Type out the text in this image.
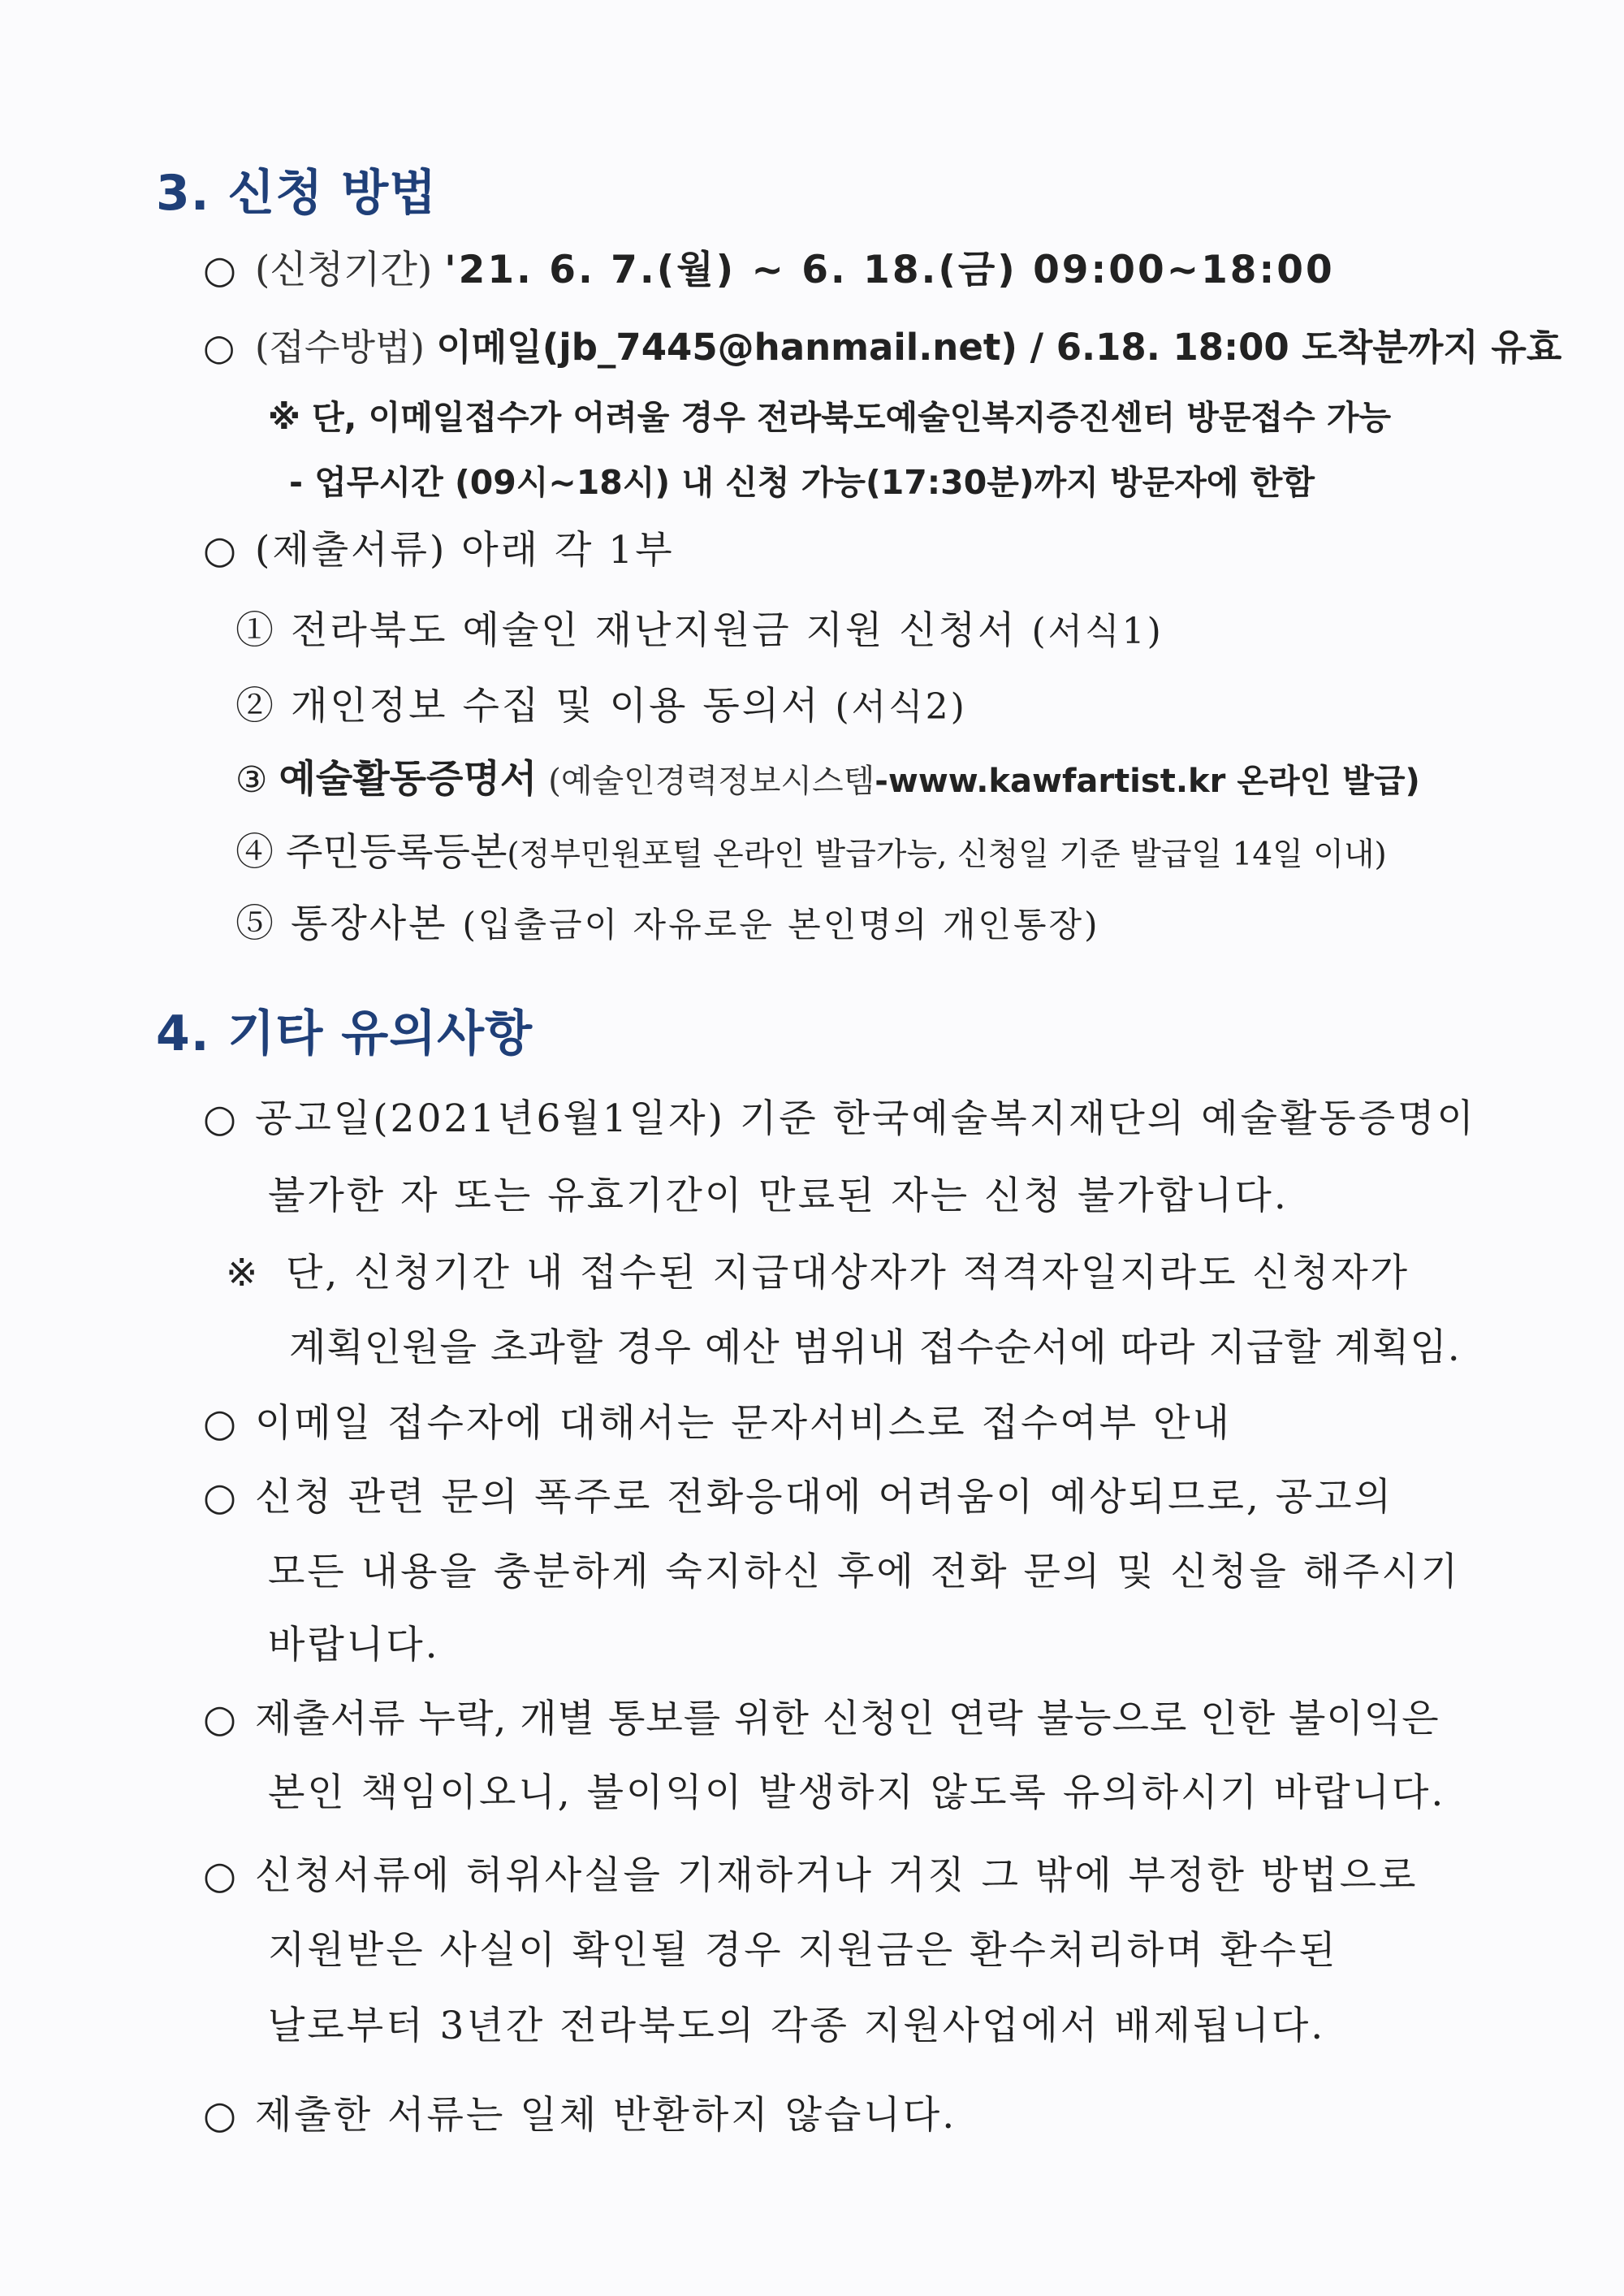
3. 신청 방법
○ (신청기간) '21. 6. 7.(월) ~ 6. 18.(금) 09:00~18:00
○ (접수방법) 이메일(jb_7445@hanmail.net) / 6.18. 18:00 도착분까지 유효
※ 단, 이메일접수가 어려울 경우 전라북도예술인복지증진센터 방문접수 가능
- 업무시간 (09시~18시) 내 신청 가능(17:30분)까지 방문자에 한함
○ (제출서류) 아래 각 1부
① 전라북도 예술인 재난지원금 지원 신청서 (서식1)
② 개인정보 수집 및 이용 동의서 (서식2)
③ 예술활동증명서 (예술인경력정보시스템-www.kawfartist.kr 온라인 발급)
④ 주민등록등본(정부민원포털 온라인 발급가능, 신청일 기준 발급일 14일 이내)
⑤ 통장사본 (입출금이 자유로운 본인명의 개인통장)
4. 기타 유의사항
○ 공고일(2021년6월1일자) 기준 한국예술복지재단의 예술활동증명이
불가한 자 또는 유효기간이 만료된 자는 신청 불가합니다.
※ 단, 신청기간 내 접수된 지급대상자가 적격자일지라도 신청자가
계획인원을 초과할 경우 예산 범위내 접수순서에 따라 지급할 계획임.
○ 이메일 접수자에 대해서는 문자서비스로 접수여부 안내
○ 신청 관련 문의 폭주로 전화응대에 어려움이 예상되므로, 공고의
모든 내용을 충분하게 숙지하신 후에 전화 문의 및 신청을 해주시기
바랍니다.
○ 제출서류 누락, 개별 통보를 위한 신청인 연락 불능으로 인한 불이익은
본인 책임이오니, 불이익이 발생하지 않도록 유의하시기 바랍니다.
○ 신청서류에 허위사실을 기재하거나 거짓 그 밖에 부정한 방법으로
지원받은 사실이 확인될 경우 지원금은 환수처리하며 환수된
날로부터 3년간 전라북도의 각종 지원사업에서 배제됩니다.
○ 제출한 서류는 일체 반환하지 않습니다.
